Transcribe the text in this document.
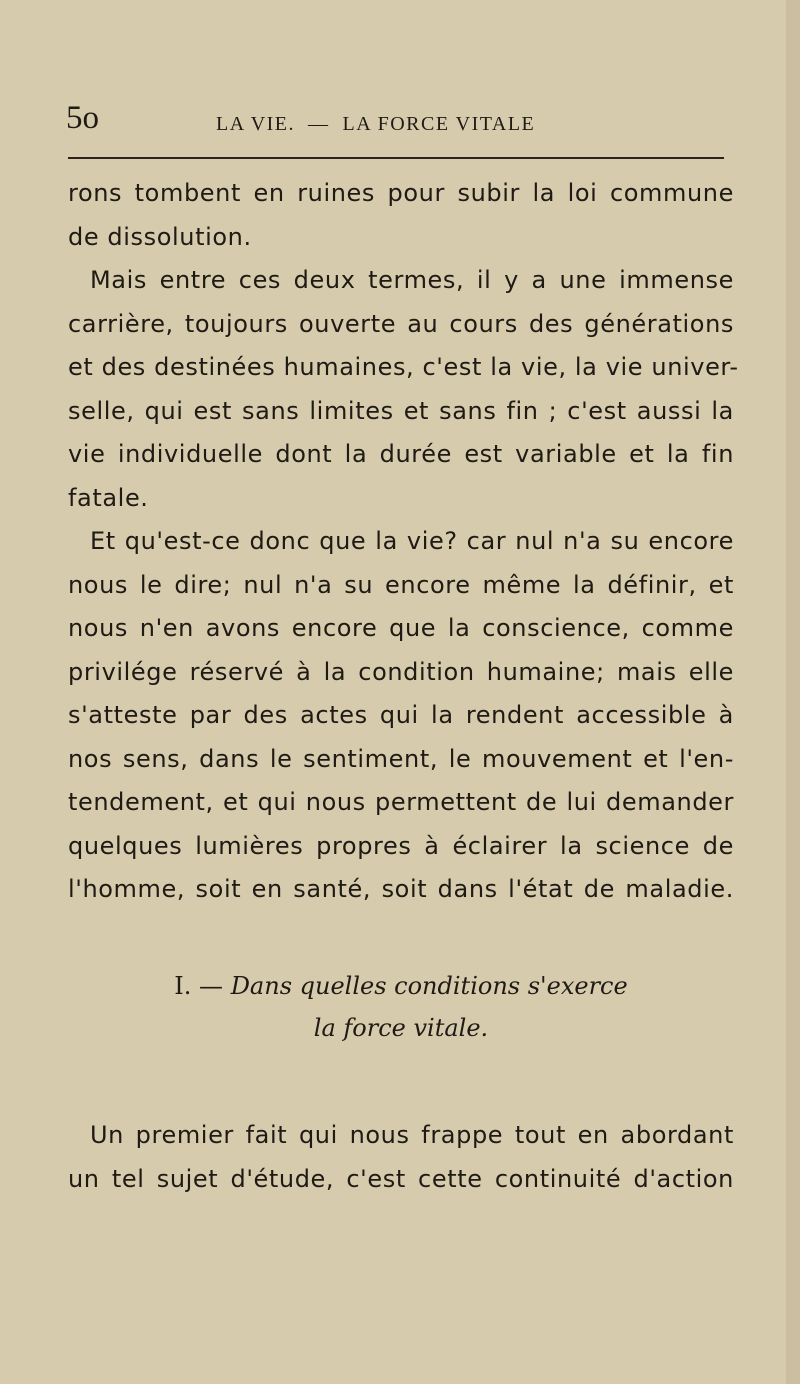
5o	LA VIE.  —  LA FORCE VITALE
rons tombent en ruines pour subir la loi commune
de dissolution.
Mais entre ces deux termes, il y a une immense
carrière, toujours ouverte au cours des générations
et des destinées humaines, c'est la vie, la vie univer-
selle, qui est sans limites et sans fin ; c'est aussi la
vie individuelle dont la durée est variable et la fin
fatale.
Et qu'est-ce donc que la vie? car nul n'a su encore
nous le dire; nul n'a su encore même la définir, et
nous n'en avons encore que la conscience, comme
privilége réservé à la condition humaine; mais elle
s'atteste par des actes qui la rendent accessible à
nos sens, dans le sentiment, le mouvement et l'en-
tendement, et qui nous permettent de lui demander
quelques lumières propres à éclairer la science de
l'homme, soit en santé, soit dans l'état de maladie.
I. — Dans quelles conditions s'exerce
la force vitale.
Un premier fait qui nous frappe tout en abordant
un tel sujet d'étude, c'est cette continuité d'action
